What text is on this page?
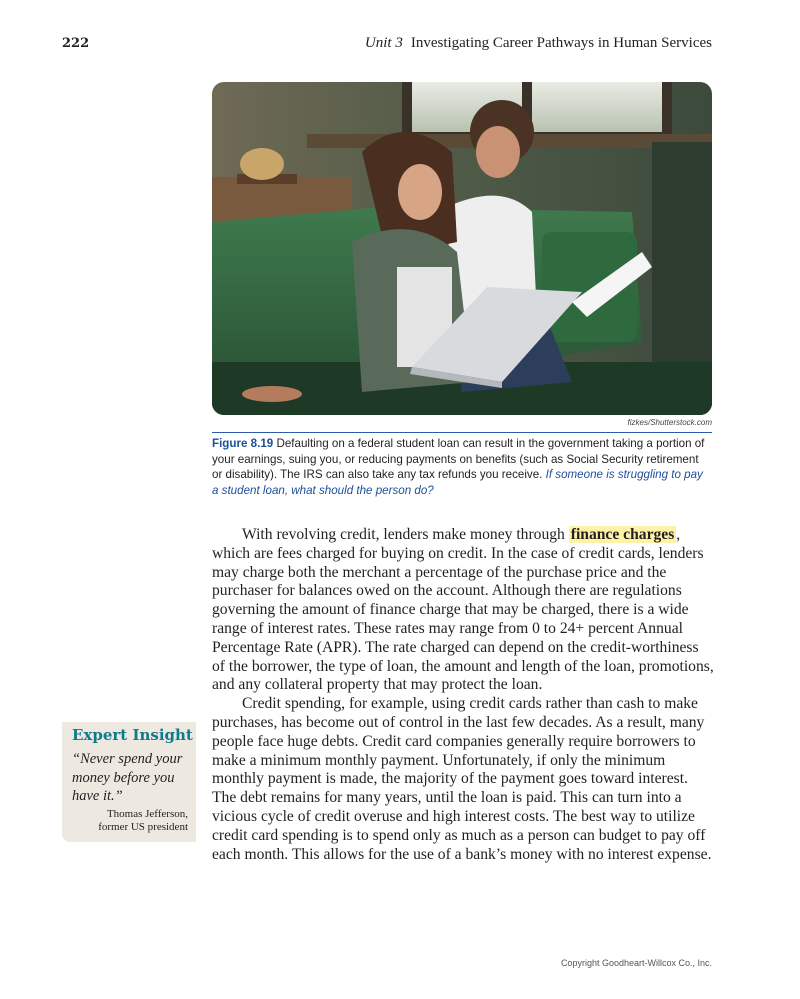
222	Unit 3 Investigating Career Pathways in Human Services
fizkes/Shutterstock.com
Figure 8.19 Defaulting on a federal student loan can result in the government taking a portion of your earnings, suing you, or reducing payments on benefits (such as Social Security retirement or disability). The IRS can also take any tax refunds you receive. If someone is struggling to pay a student loan, what should the person do?

With revolving credit, lenders make money through finance charges , which are fees charged for buying on credit. In the case of credit cards, lenders may charge both the merchant a percentage of the purchase price and the purchaser for balances owed on the account. Although there are regulations governing the amount of finance charge that may be charged, there is a wide range of interest rates. These rates may range from 0 to 24+ percent Annual Percentage Rate (APR). The rate charged can depend on the credit-worthiness of the borrower, the type of loan, the amount and length of the loan, promotions, and any collateral property that may protect the loan.

Credit spending, for example, using credit cards rather than cash to make purchases, has become out of control in the last few decades. As a result, many people face huge debts. Credit card companies generally require borrowers to make a minimum monthly payment. Unfortunately, if only the minimum monthly payment is made, the majority of the payment goes toward interest. The debt remains for many years, until the loan is paid. This can turn into a vicious cycle of credit overuse and high interest costs. The best way to utilize credit card spending is to spend only as much as a person can budget to pay off each month. This allows for the use of a bank’s money with no interest expense.

Expert Insight
“Never spend your money before you have it.”
Thomas Jefferson,
former US president
Copyright Goodheart-Willcox Co., Inc.
